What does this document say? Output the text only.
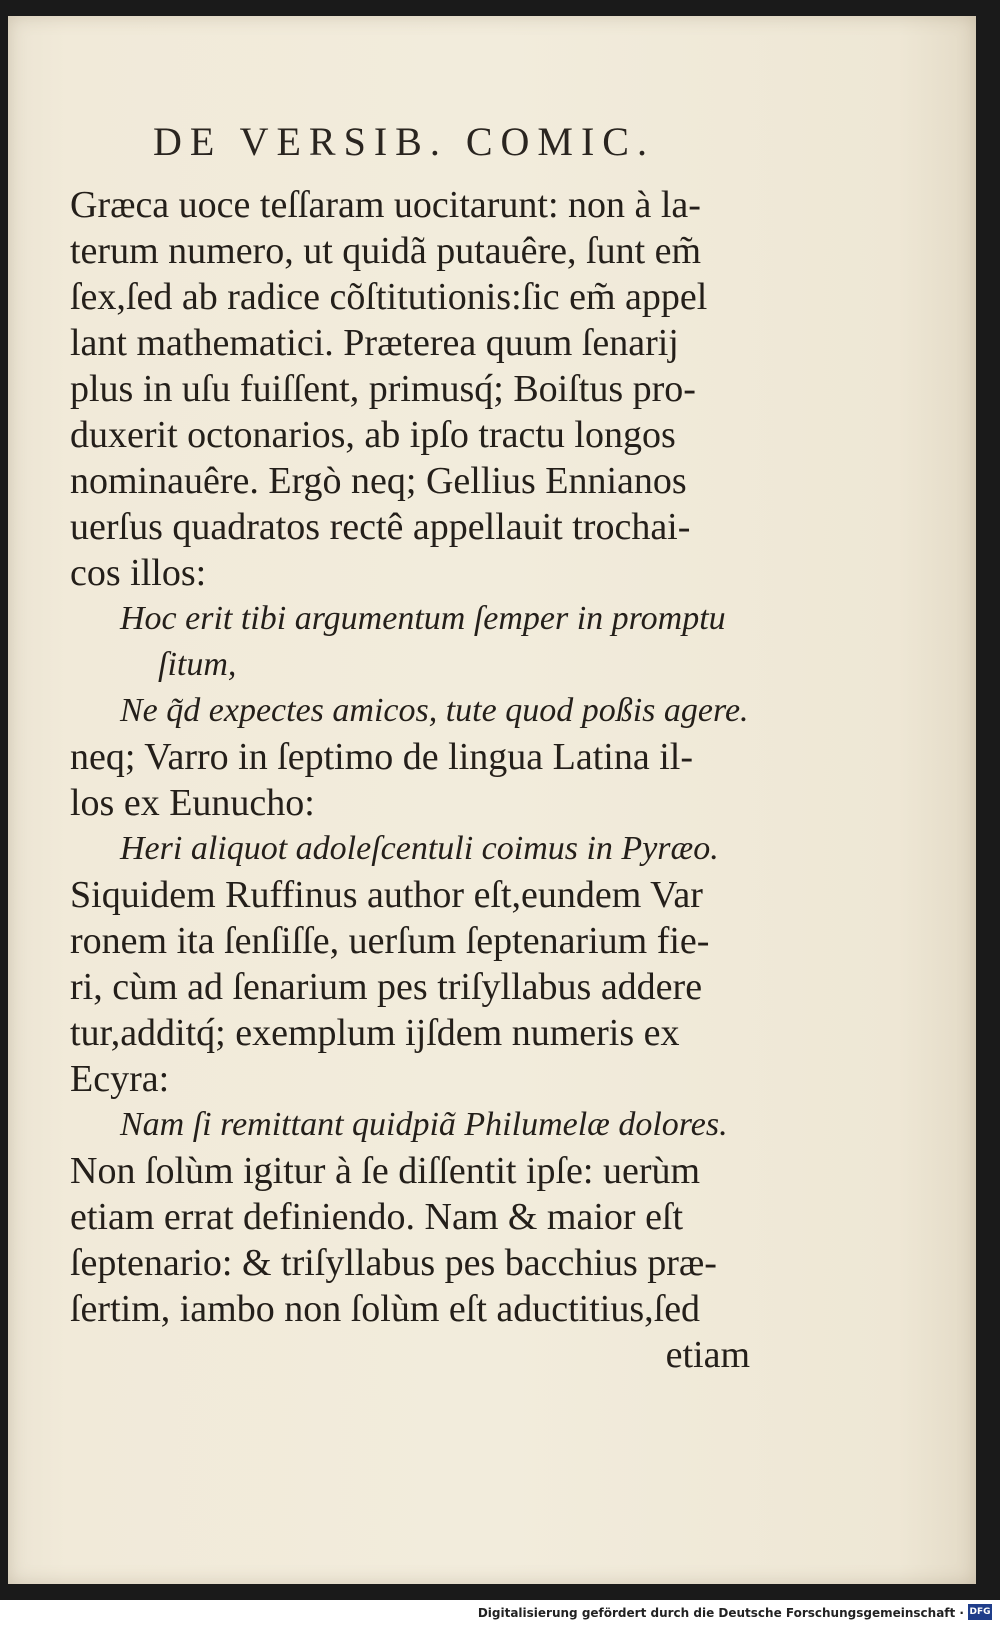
DE VERSIB. COMIC.
Græca uoce teſſaram uocitarunt: non à la-
terum numero, ut quidã putauêre, ſunt em̃
ſex,ſed ab radice cõſtitutionis:ſic em̃ appel
lant mathematici. Præterea quum ſenarij
plus in uſu fuiſſent, primusq́; Boiſtus pro-
duxerit octonarios, ab ipſo tractu longos
nominauêre. Ergò neq; Gellius Ennianos
uerſus quadratos rectê appellauit trochai-
cos illos:
Hoc erit tibi argumentum ſemper in promptu
ſitum,
Ne q̃d expectes amicos, tute quod poßis agere.
neq; Varro in ſeptimo de lingua Latina il-
los ex Eunucho:
Heri aliquot adoleſcentuli coimus in Pyræo.
Siquidem Ruffinus author eſt,eundem Var
ronem ita ſenſiſſe, uerſum ſeptenarium fie-
ri, cùm ad ſenarium pes triſyllabus addere
tur,additq́; exemplum ijſdem numeris ex
Ecyra:
Nam ſi remittant quidpiã Philumelæ dolores.
Non ſolùm igitur à ſe diſſentit ipſe: uerùm
etiam errat definiendo. Nam & maior eſt
ſeptenario: & triſyllabus pes bacchius præ-
ſertim, iambo non ſolùm eſt aductitius,ſed
etiam
Digitalisierung gefördert durch die Deutsche Forschungsgemeinschaft · DFG
